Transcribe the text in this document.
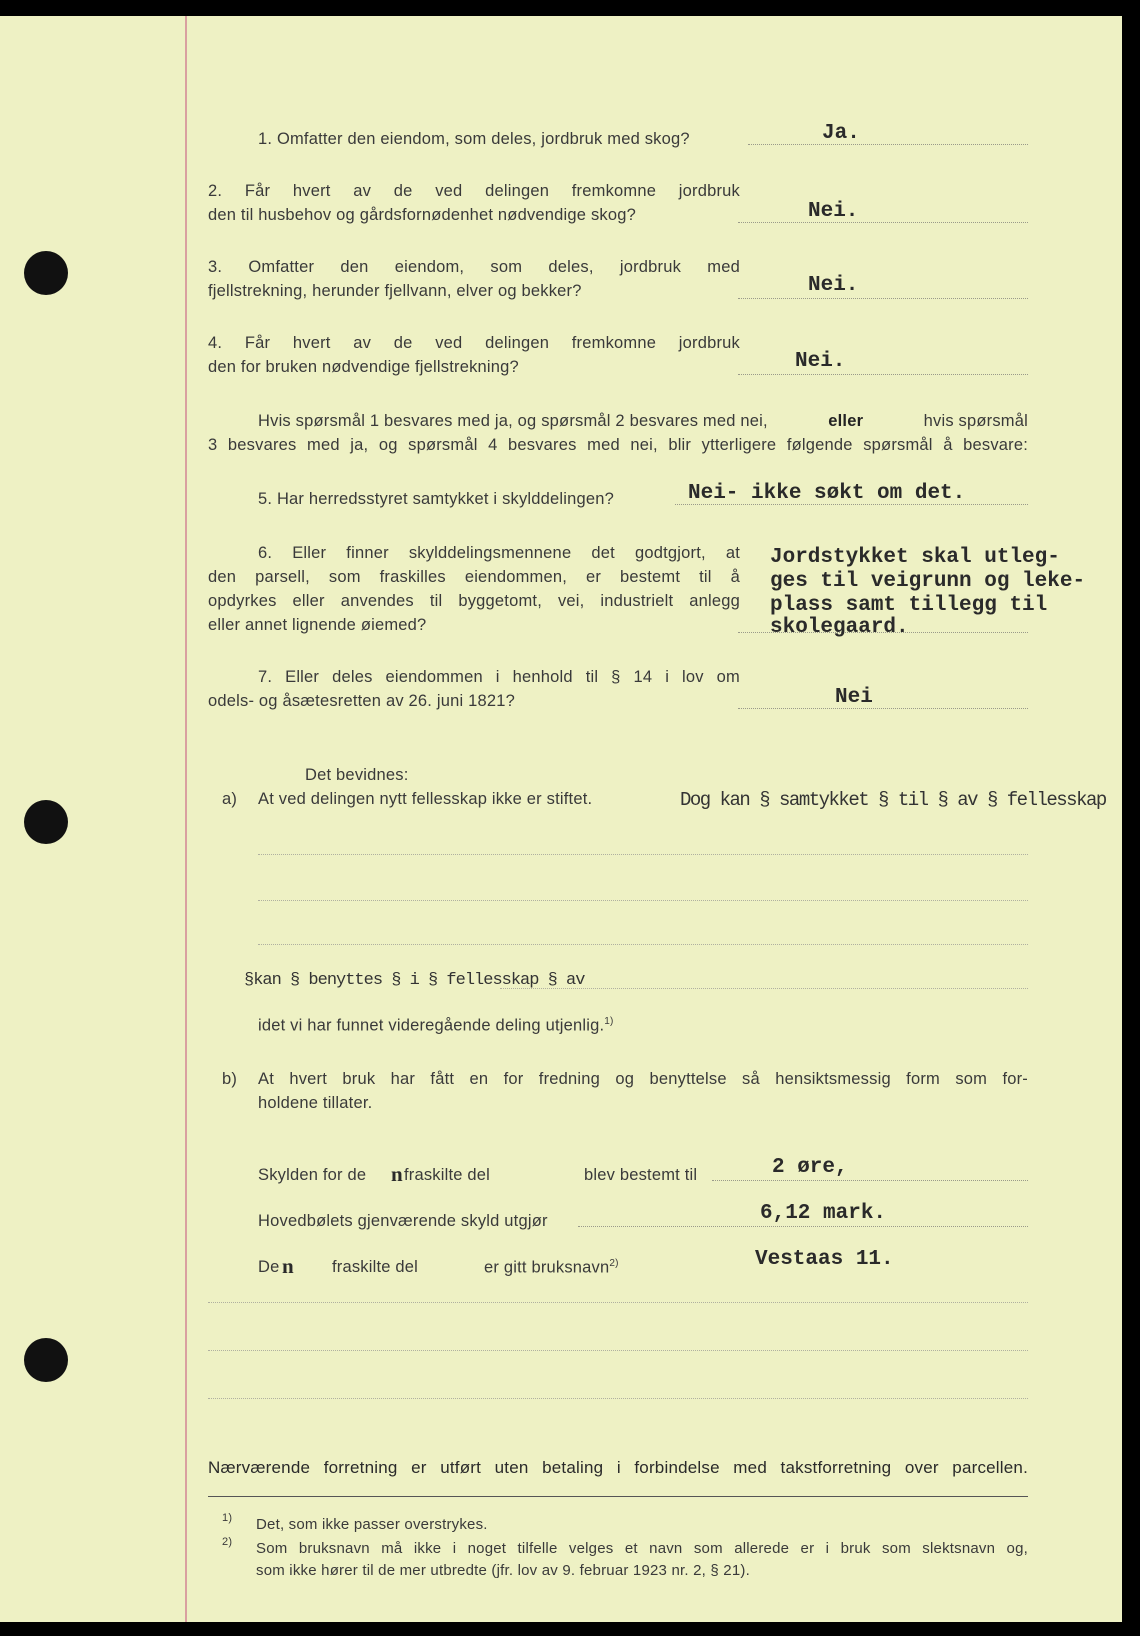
1. Omfatter den eiendom, som deles, jordbruk med skog?	Ja.
2. Får hvert av de ved delingen fremkomne jordbruk
den til husbehov og gårdsfornødenhet nødvendige skog?	Nei.
3. Omfatter den eiendom, som deles, jordbruk med
fjellstrekning, herunder fjellvann, elver og bekker?	Nei.
4. Får hvert av de ved delingen fremkomne jordbruk
den for bruken nødvendige fjellstrekning?	Nei.
Hvis spørsmål 1 besvares med ja, og spørsmål 2 besvares med nei,	eller	hvis spørsmål
3 besvares med ja, og spørsmål 4 besvares med nei, blir ytterligere følgende spørsmål å besvare:
5. Har herredsstyret samtykket i skylddelingen?	Nei- ikke søkt om det.
6. Eller finner skylddelingsmennene det godtgjort, at
den parsell, som fraskilles eiendommen, er bestemt til å
opdyrkes eller anvendes til byggetomt, vei, industrielt anlegg
eller annet lignende øiemed?
Jordstykket skal utleg-
ges til veigrunn og leke-
plass samt tillegg til
skolegaard.
7. Eller deles eiendommen i henhold til § 14 i lov om
odels- og åsætesretten av 26. juni 1821?	Nei
Det bevidnes:
a) At ved delingen nytt fellesskap ikke er stiftet.	Dog kan § samtykket § til § av § fellesskap
§kan § benyttes § i § fellesskap § av
idet vi har funnet videregående deling utjenlig.$^{1)}$
b) At hvert bruk har fått en for fredning og benyttelse så hensiktsmessig form som for-
holdene tillater.
Skylden for de n fraskilte del	blev bestemt til	2 øre,
Hovedbølets gjenværende skyld utgjør	6,12 mark.
De n fraskilte del	er gitt bruksnavn$^{2)}$	Vestaas 11.
Nærværende forretning er utført uten betaling i forbindelse med takstforretning over parcellen.
1) Det, som ikke passer overstrykes.
2) Som bruksnavn må ikke i noget tilfelle velges et navn som allerede er i bruk som slektsnavn og,
som ikke hører til de mer utbredte (jfr. lov av 9. februar 1923 nr. 2, § 21).
